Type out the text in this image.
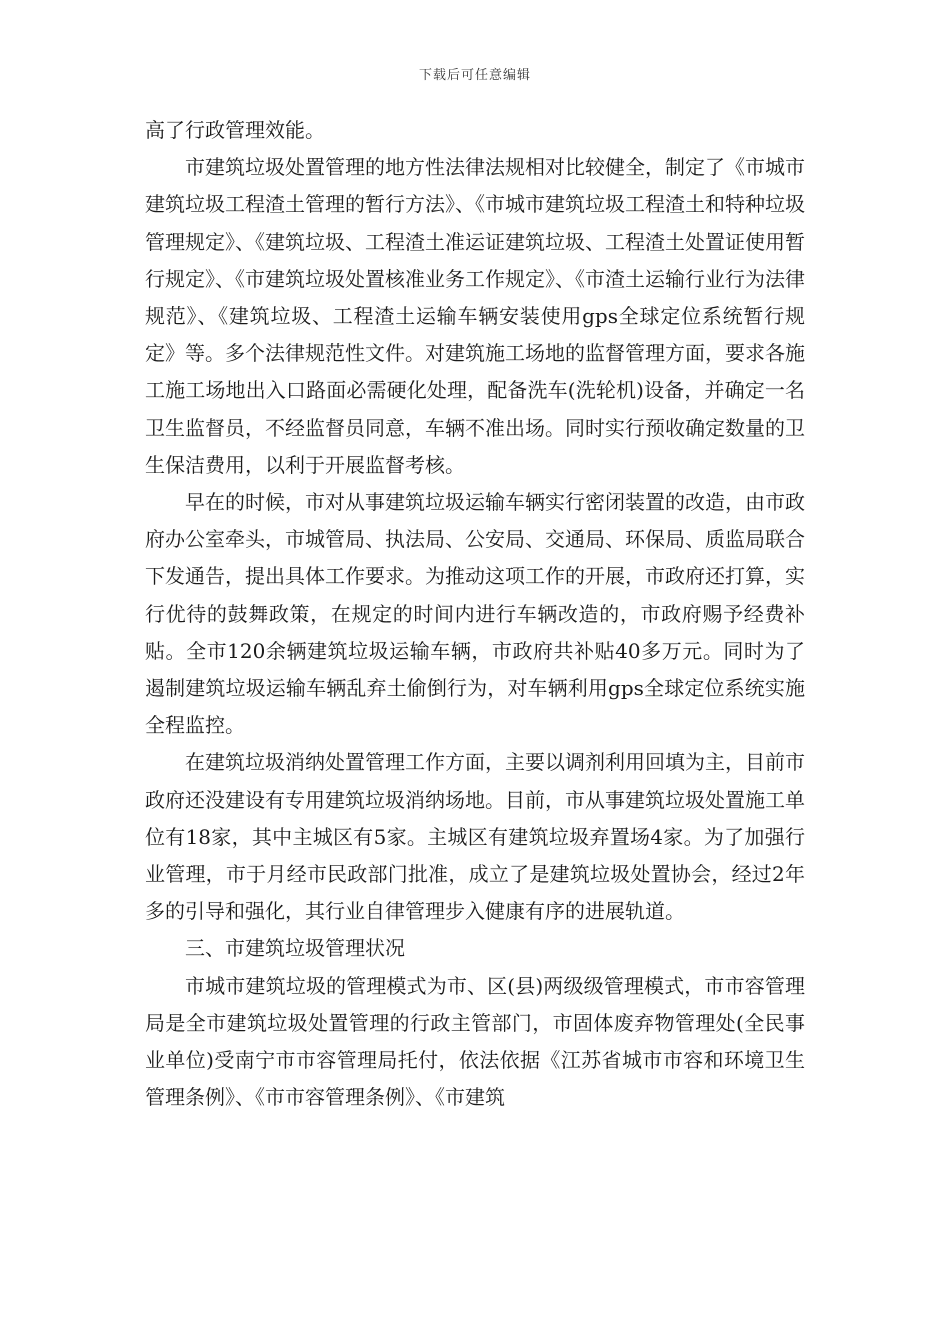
下载后可任意编辑

高了行政管理效能。

市建筑垃圾处置管理的地方性法律法规相对比较健全，制定了《市城市建筑垃圾工程渣土管理的暂行方法》、《市城市建筑垃圾工程渣土和特种垃圾管理规定》、《建筑垃圾、工程渣土准运证建筑垃圾、工程渣土处置证使用暂行规定》、《市建筑垃圾处置核准业务工作规定》、《市渣土运输行业行为法律规范》、《建筑垃圾、工程渣土运输车辆安装使用gps全球定位系统暂行规定》等。多个法律规范性文件。对建筑施工场地的监督管理方面，要求各施工施工场地出入口路面必需硬化处理，配备洗车(洗轮机)设备，并确定一名卫生监督员，不经监督员同意，车辆不准出场。同时实行预收确定数量的卫生保洁费用，以利于开展监督考核。

早在的时候，市对从事建筑垃圾运输车辆实行密闭装置的改造，由市政府办公室牵头，市城管局、执法局、公安局、交通局、环保局、质监局联合下发通告，提出具体工作要求。为推动这项工作的开展，市政府还打算，实行优待的鼓舞政策，在规定的时间内进行车辆改造的，市政府赐予经费补贴。全市120余辆建筑垃圾运输车辆，市政府共补贴40多万元。同时为了遏制建筑垃圾运输车辆乱弃土偷倒行为，对车辆利用gps全球定位系统实施全程监控。

在建筑垃圾消纳处置管理工作方面，主要以调剂利用回填为主，目前市政府还没建设有专用建筑垃圾消纳场地。目前，市从事建筑垃圾处置施工单位有18家，其中主城区有5家。主城区有建筑垃圾弃置场4家。为了加强行业管理，市于月经市民政部门批准，成立了是建筑垃圾处置协会，经过2年多的引导和强化，其行业自律管理步入健康有序的进展轨道。

三、市建筑垃圾管理状况

市城市建筑垃圾的管理模式为市、区(县)两级级管理模式，市市容管理局是全市建筑垃圾处置管理的行政主管部门，市固体废弃物管理处(全民事业单位)受南宁市市容管理局托付，依法依据《江苏省城市市容和环境卫生管理条例》、《市市容管理条例》、《市建筑
